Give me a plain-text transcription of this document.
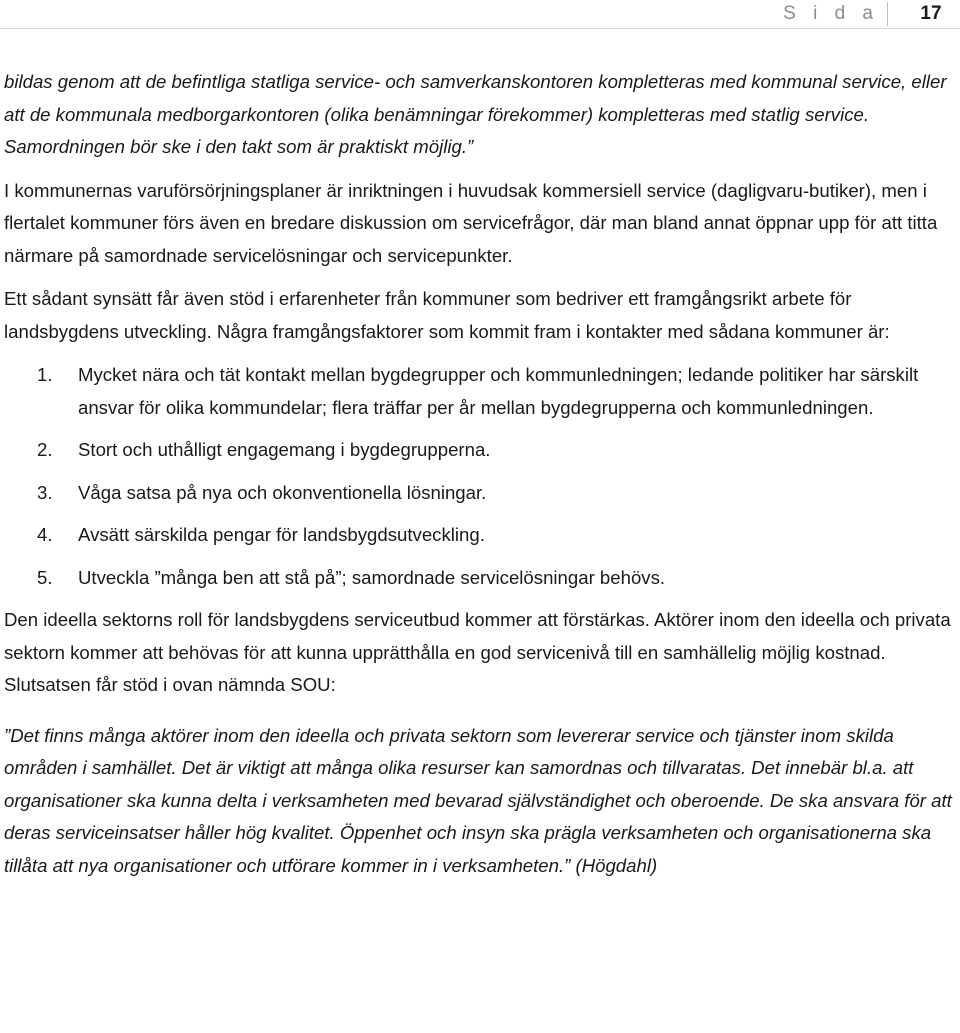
S i d a	17

bildas genom att de befintliga statliga service- och samverkanskontoren kompletteras med kommunal service, eller att de kommunala medborgarkontoren (olika benämningar förekommer) kompletteras med statlig service. Samordningen bör ske i den takt som är praktiskt möjlig.”

I kommunernas varuförsörjningsplaner är inriktningen i huvudsak kommersiell service (dagligvaru-butiker), men i flertalet kommuner förs även en bredare diskussion om servicefrågor, där man bland annat öppnar upp för att titta närmare på samordnade servicelösningar och servicepunkter.

Ett sådant synsätt får även stöd i erfarenheter från kommuner som bedriver ett framgångsrikt arbete för landsbygdens utveckling. Några framgångsfaktorer som kommit fram i kontakter med sådana kommuner är:

1. Mycket nära och tät kontakt mellan bygdegrupper och kommunledningen; ledande politiker har särskilt ansvar för olika kommundelar; flera träffar per år mellan bygdegrupperna och kommunledningen.
2. Stort och uthålligt engagemang i bygdegrupperna.
3. Våga satsa på nya och okonventionella lösningar.
4. Avsätt särskilda pengar för landsbygdsutveckling.
5. Utveckla ”många ben att stå på”; samordnade servicelösningar behövs.

Den ideella sektorns roll för landsbygdens serviceutbud kommer att förstärkas. Aktörer inom den ideella och privata sektorn kommer att behövas för att kunna upprätthålla en god servicenivå till en samhällelig möjlig kostnad. Slutsatsen får stöd i ovan nämnda SOU:

”Det finns många aktörer inom den ideella och privata sektorn som levererar service och tjänster inom skilda områden i samhället. Det är viktigt att många olika resurser kan samordnas och tillvaratas. Det innebär bl.a. att organisationer ska kunna delta i verksamheten med bevarad självständighet och oberoende. De ska ansvara för att deras serviceinsatser håller hög kvalitet. Öppenhet och insyn ska prägla verksamheten och organisationerna ska tillåta att nya organisationer och utförare kommer in i verksamheten.” (Högdahl)
